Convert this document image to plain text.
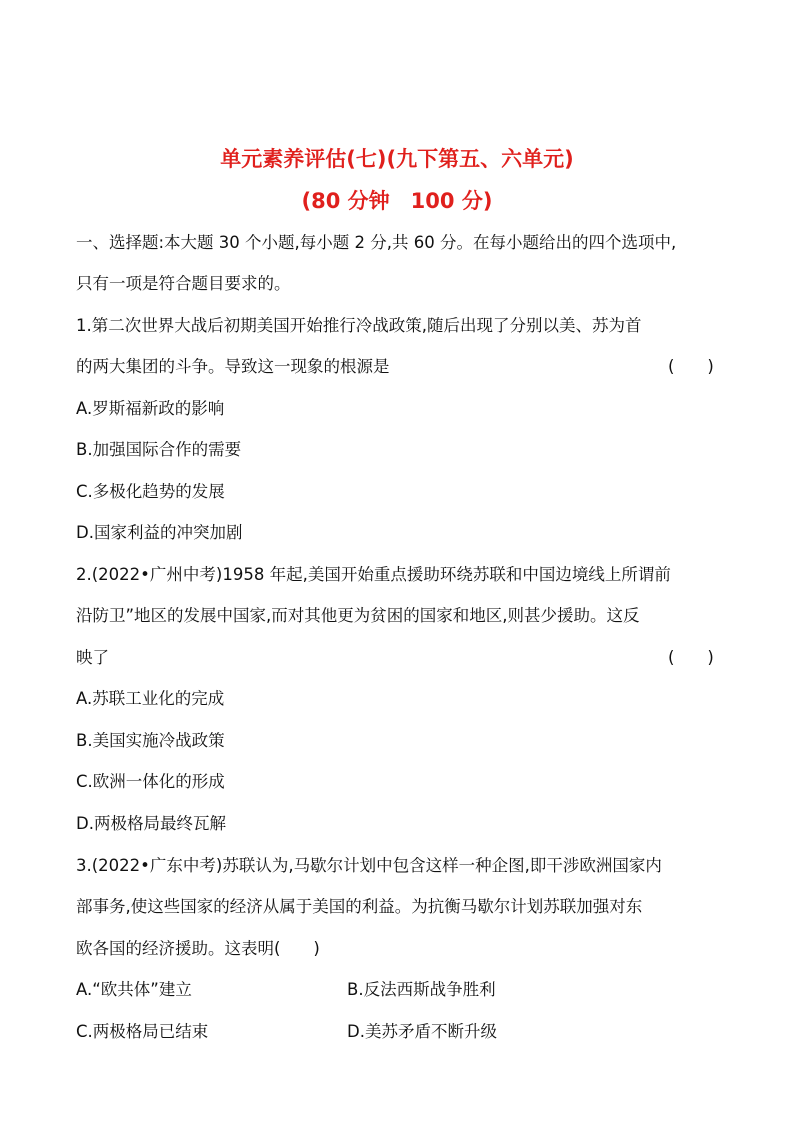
单元素养评估(七)(九下第五、六单元)
(80 分钟　100 分)
一、选择题:本大题 30 个小题,每小题 2 分,共 60 分。在每小题给出的四个选项中,
只有一项是符合题目要求的。
1.第二次世界大战后初期美国开始推行冷战政策,随后出现了分别以美、苏为首
的两大集团的斗争。导致这一现象的根源是	(　　)
A.罗斯福新政的影响
B.加强国际合作的需要
C.多极化趋势的发展
D.国家利益的冲突加剧
2.(2022•广州中考)1958 年起,美国开始重点援助环绕苏联和中国边境线上所谓前
沿防卫”地区的发展中国家,而对其他更为贫困的国家和地区,则甚少援助。这反
映了	(　　)
A.苏联工业化的完成
B.美国实施冷战政策
C.欧洲一体化的形成
D.两极格局最终瓦解
3.(2022•广东中考)苏联认为,马歇尔计划中包含这样一种企图,即干涉欧洲国家内
部事务,使这些国家的经济从属于美国的利益。为抗衡马歇尔计划苏联加强对东
欧各国的经济援助。这表明(　　)
A.“欧共体”建立	B.反法西斯战争胜利
C.两极格局已结束	D.美苏矛盾不断升级
